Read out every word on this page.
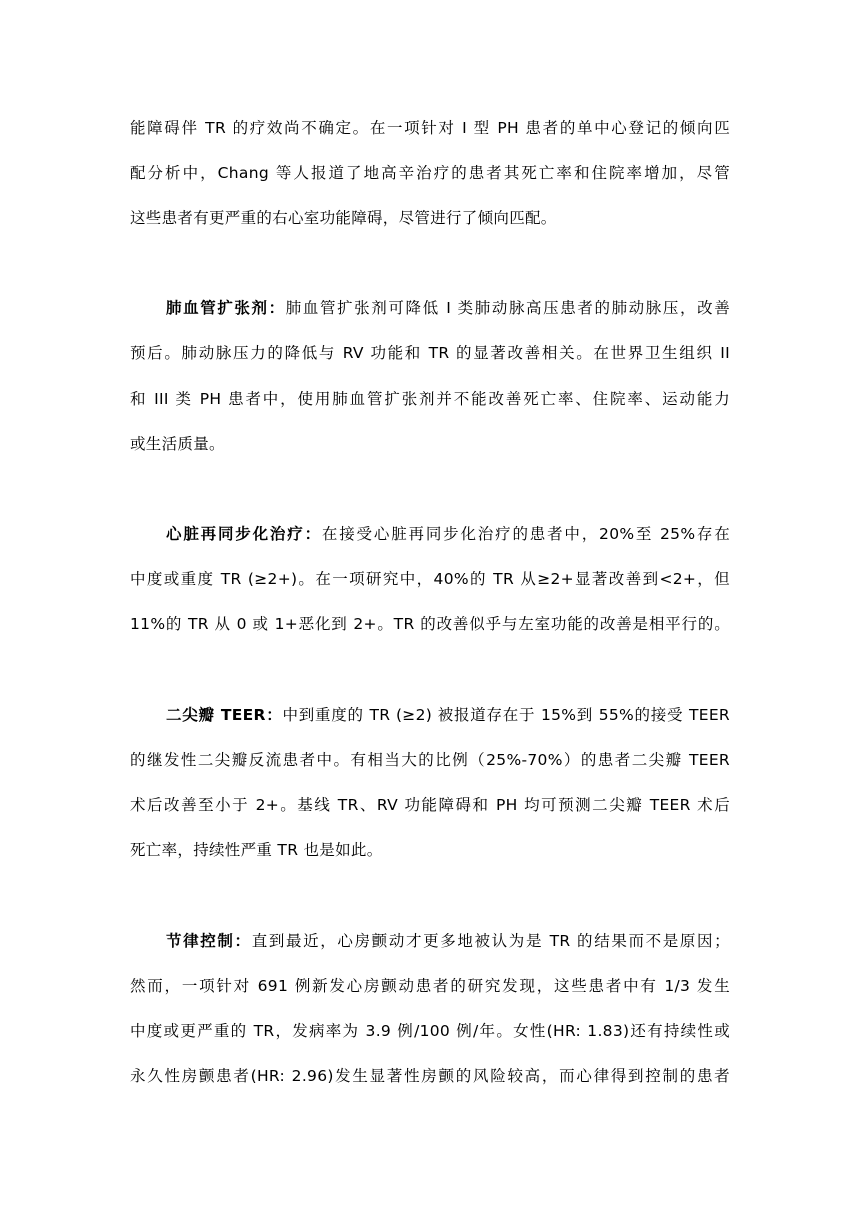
能障碍伴 TR 的疗效尚不确定。在一项针对 I 型 PH 患者的单中心登记的倾向匹
配分析中，Chang 等人报道了地高辛治疗的患者其死亡率和住院率增加，尽管
这些患者有更严重的右心室功能障碍，尽管进行了倾向匹配。
肺血管扩张剂：肺血管扩张剂可降低 I 类肺动脉高压患者的肺动脉压，改善
预后。肺动脉压力的降低与 RV 功能和 TR 的显著改善相关。在世界卫生组织 II
和 III 类 PH 患者中，使用肺血管扩张剂并不能改善死亡率、住院率、运动能力
或生活质量。
心脏再同步化治疗：在接受心脏再同步化治疗的患者中，20%至 25%存在
中度或重度 TR (≥2+)。在一项研究中，40%的 TR 从≥2+显著改善到<2+，但
11%的 TR 从 0 或 1+恶化到 2+。TR 的改善似乎与左室功能的改善是相平行的。
二尖瓣 TEER：中到重度的 TR (≥2) 被报道存在于 15%到 55%的接受 TEER
的继发性二尖瓣反流患者中。有相当大的比例（25%-70%）的患者二尖瓣 TEER
术后改善至小于 2+。基线 TR、RV 功能障碍和 PH 均可预测二尖瓣 TEER 术后
死亡率，持续性严重 TR 也是如此。
节律控制：直到最近，心房颤动才更多地被认为是 TR 的结果而不是原因；
然而，一项针对 691 例新发心房颤动患者的研究发现，这些患者中有 1/3 发生
中度或更严重的 TR，发病率为 3.9 例/100 例/年。女性(HR: 1.83)还有持续性或
永久性房颤患者(HR: 2.96)发生显著性房颤的风险较高，而心律得到控制的患者
